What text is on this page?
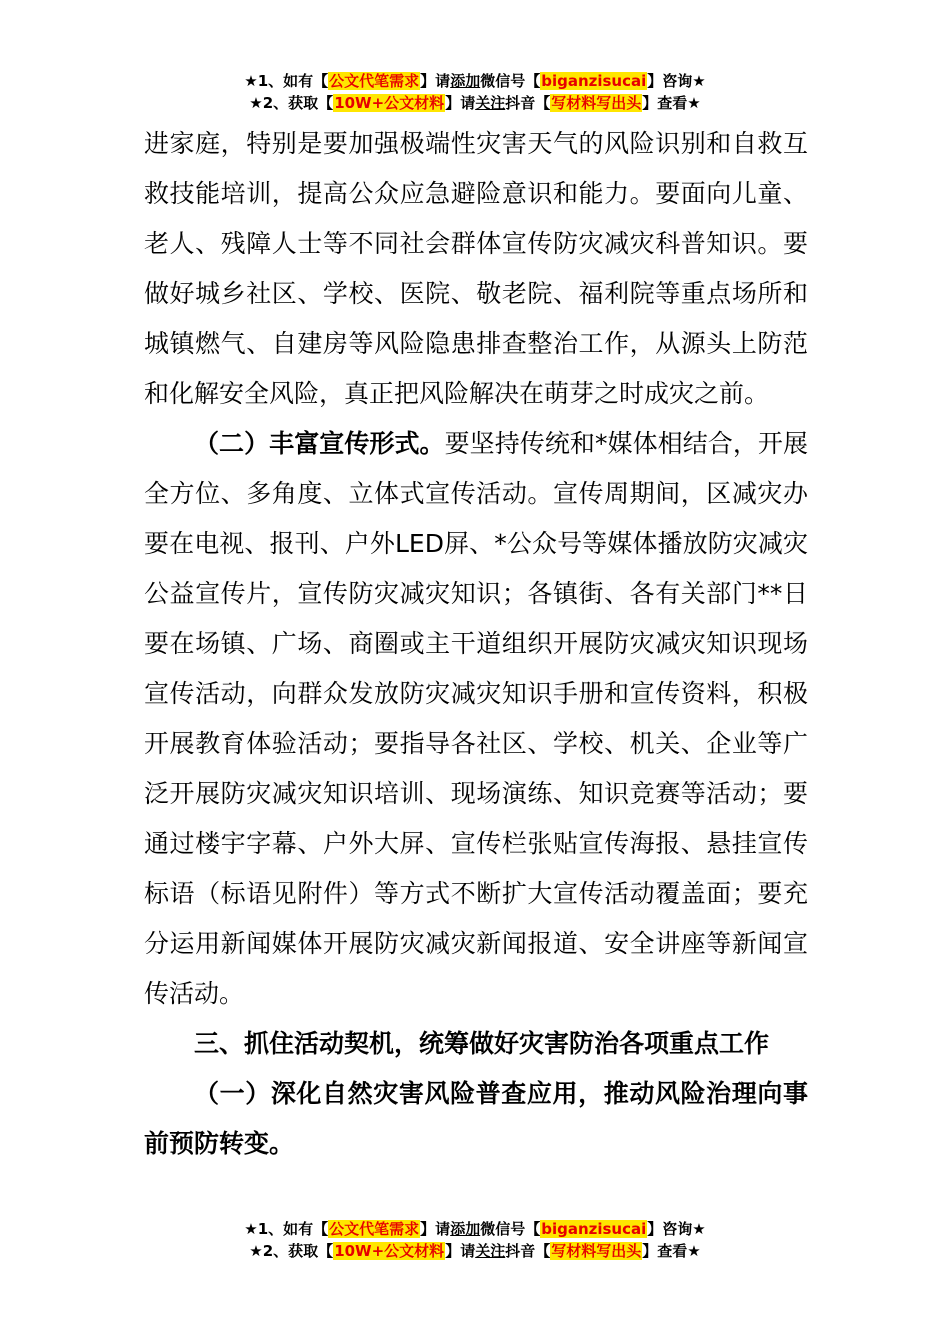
★1、如有【公文代笔需求】请添加微信号【biganzisucai】咨询★
★2、获取【10W+公文材料】请关注抖音【写材料写出头】查看★

进家庭，特别是要加强极端性灾害天气的风险识别和自救互救技能培训，提高公众应急避险意识和能力。要面向儿童、老人、残障人士等不同社会群体宣传防灾减灾科普知识。要做好城乡社区、学校、医院、敬老院、福利院等重点场所和城镇燃气、自建房等风险隐患排查整治工作，从源头上防范和化解安全风险，真正把风险解决在萌芽之时成灾之前。

（二）丰富宣传形式。要坚持传统和*媒体相结合，开展全方位、多角度、立体式宣传活动。宣传周期间，区减灾办要在电视、报刊、户外LED屏、*公众号等媒体播放防灾减灾公益宣传片，宣传防灾减灾知识；各镇街、各有关部门**日要在场镇、广场、商圈或主干道组织开展防灾减灾知识现场宣传活动，向群众发放防灾减灾知识手册和宣传资料，积极开展教育体验活动；要指导各社区、学校、机关、企业等广泛开展防灾减灾知识培训、现场演练、知识竞赛等活动；要通过楼宇字幕、户外大屏、宣传栏张贴宣传海报、悬挂宣传标语（标语见附件）等方式不断扩大宣传活动覆盖面；要充分运用新闻媒体开展防灾减灾新闻报道、安全讲座等新闻宣传活动。

三、抓住活动契机，统筹做好灾害防治各项重点工作

（一）深化自然灾害风险普查应用，推动风险治理向事前预防转变。

★1、如有【公文代笔需求】请添加微信号【biganzisucai】咨询★
★2、获取【10W+公文材料】请关注抖音【写材料写出头】查看★
